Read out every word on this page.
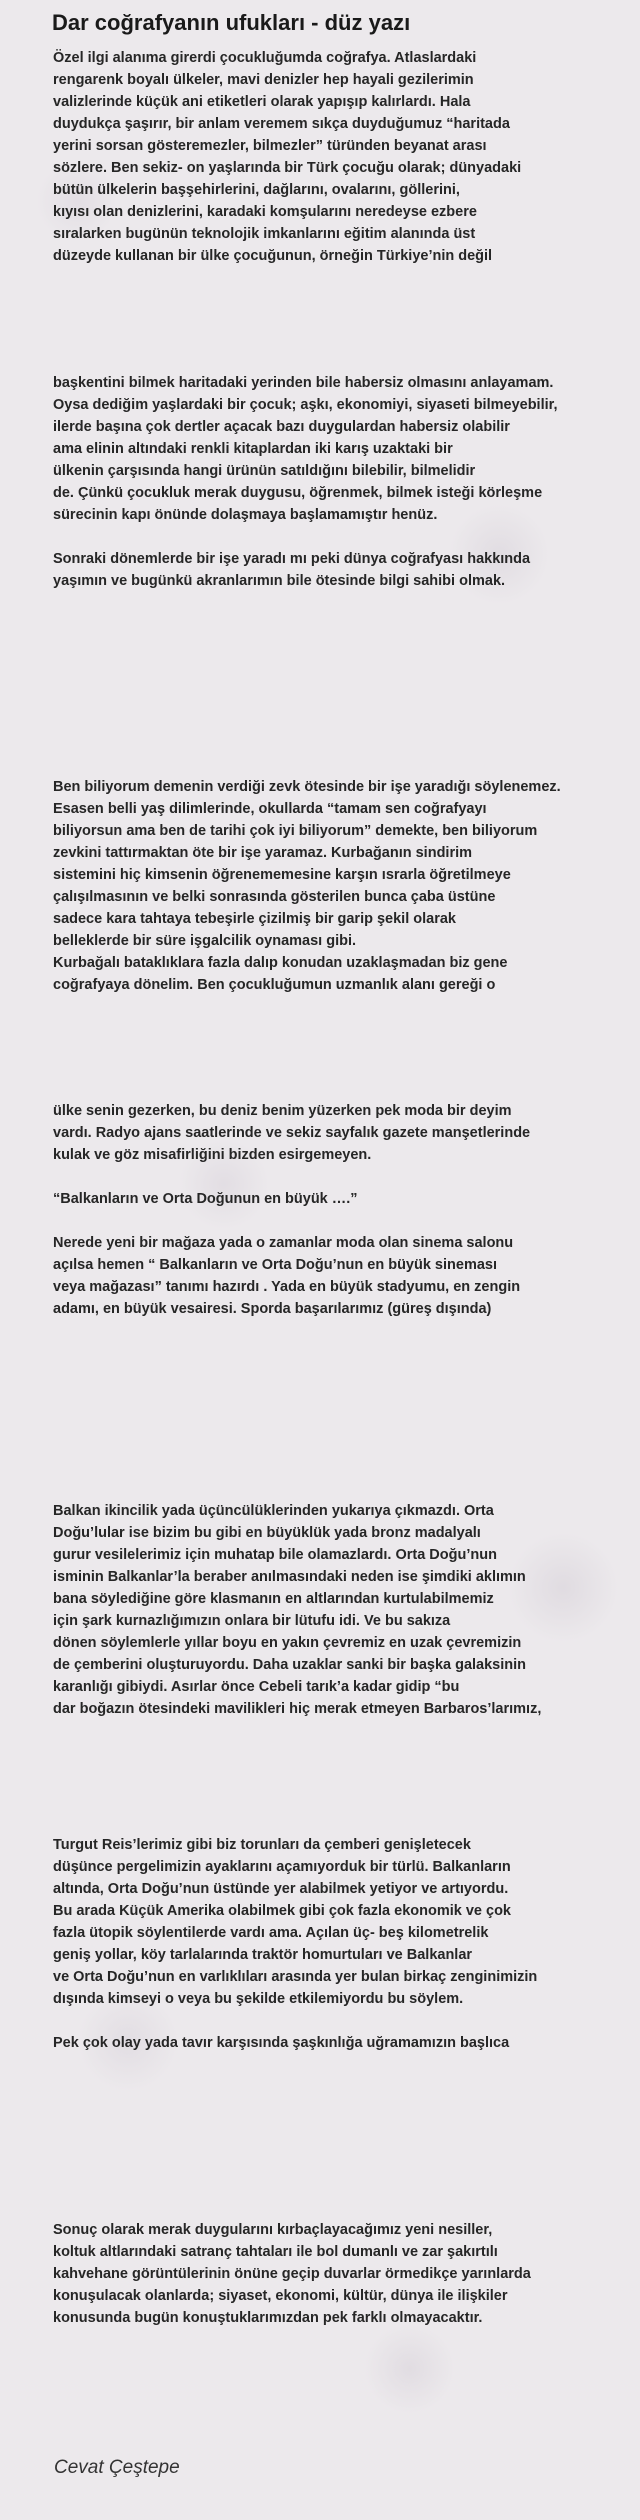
Dar coğrafyanın ufukları - düz yazı
Özel ilgi alanıma girerdi çocukluğumda coğrafya. Atlaslardaki
rengarenk boyalı ülkeler, mavi denizler hep hayali gezilerimin
valizlerinde küçük ani etiketleri olarak yapışıp kalırlardı. Hala
duydukça şaşırır, bir anlam veremem sıkça duyduğumuz “haritada
yerini sorsan gösteremezler, bilmezler” türünden beyanat arası
sözlere. Ben sekiz- on yaşlarında bir Türk çocuğu olarak; dünyadaki
bütün ülkelerin başşehirlerini, dağlarını, ovalarını, göllerini,
kıyısı olan denizlerini, karadaki komşularını neredeyse ezbere
sıralarken bugünün teknolojik imkanlarını eğitim alanında üst
düzeyde kullanan bir ülke çocuğunun, örneğin Türkiye’nin değil
başkentini bilmek haritadaki yerinden bile habersiz olmasını anlayamam.
Oysa dediğim yaşlardaki bir çocuk; aşkı, ekonomiyi, siyaseti bilmeyebilir,
ilerde başına çok dertler açacak bazı duygulardan habersiz olabilir
ama elinin altındaki renkli kitaplardan iki karış uzaktaki bir
ülkenin çarşısında hangi ürünün satıldığını bilebilir, bilmelidir
de. Çünkü çocukluk merak duygusu, öğrenmek, bilmek isteği körleşme
sürecinin kapı önünde dolaşmaya başlamamıştır henüz.
Sonraki dönemlerde bir işe yaradı mı peki dünya coğrafyası hakkında
yaşımın ve bugünkü akranlarımın bile ötesinde bilgi sahibi olmak.
Ben biliyorum demenin verdiği zevk ötesinde bir işe yaradığı söylenemez.
Esasen belli yaş dilimlerinde, okullarda “tamam sen coğrafyayı
biliyorsun ama ben de tarihi çok iyi biliyorum” demekte, ben biliyorum
zevkini tattırmaktan öte bir işe yaramaz. Kurbağanın sindirim
sistemini hiç kimsenin öğrenememesine karşın ısrarla öğretilmeye
çalışılmasının ve belki sonrasında gösterilen bunca çaba üstüne
sadece kara tahtaya tebeşirle çizilmiş bir garip şekil olarak
belleklerde bir süre işgalcilik oynaması gibi.
Kurbağalı bataklıklara fazla dalıp konudan uzaklaşmadan biz gene
coğrafyaya dönelim. Ben çocukluğumun uzmanlık alanı gereği o
ülke senin gezerken, bu deniz benim yüzerken pek moda bir deyim
vardı. Radyo ajans saatlerinde ve sekiz sayfalık gazete manşetlerinde
kulak ve göz misafirliğini bizden esirgemeyen.
“Balkanların ve Orta Doğunun en büyük ….”
Nerede yeni bir mağaza yada o zamanlar moda olan sinema salonu
açılsa hemen “ Balkanların ve Orta Doğu’nun en büyük sineması
veya mağazası” tanımı hazırdı . Yada en büyük stadyumu, en zengin
adamı, en büyük vesairesi. Sporda başarılarımız (güreş dışında)
Balkan ikincilik yada üçüncülüklerinden yukarıya çıkmazdı. Orta
Doğu’lular ise bizim bu gibi en büyüklük yada bronz madalyalı
gurur vesilelerimiz için muhatap bile olamazlardı. Orta Doğu’nun
isminin Balkanlar’la beraber anılmasındaki neden ise şimdiki aklımın
bana söylediğine göre klasmanın en altlarından kurtulabilmemiz
için şark kurnazlığımızın onlara bir lütufu idi. Ve bu sakıza
dönen söylemlerle yıllar boyu en yakın çevremiz en uzak çevremizin
de çemberini oluşturuyordu. Daha uzaklar sanki bir başka galaksinin
karanlığı gibiydi. Asırlar önce Cebeli tarık’a kadar gidip “bu
dar boğazın ötesindeki mavilikleri hiç merak etmeyen Barbaros’larımız,
Turgut Reis’lerimiz gibi biz torunları da çemberi genişletecek
düşünce pergelimizin ayaklarını açamıyorduk bir türlü. Balkanların
altında, Orta Doğu’nun üstünde yer alabilmek yetiyor ve artıyordu.
Bu arada Küçük Amerika olabilmek gibi çok fazla ekonomik ve çok
fazla ütopik söylentilerde vardı ama. Açılan üç- beş kilometrelik
geniş yollar, köy tarlalarında traktör homurtuları ve Balkanlar
ve Orta Doğu’nun en varlıklıları arasında yer bulan birkaç zenginimizin
dışında kimseyi o veya bu şekilde etkilemiyordu bu söylem.
Pek çok olay yada tavır karşısında şaşkınlığa uğramamızın başlıca
Sonuç olarak merak duygularını kırbaçlayacağımız yeni nesiller,
koltuk altlarındaki satranç tahtaları ile bol dumanlı ve zar şakırtılı
kahvehane görüntülerinin önüne geçip duvarlar örmedikçe yarınlarda
konuşulacak olanlarda; siyaset, ekonomi, kültür, dünya ile ilişkiler
konusunda bugün konuştuklarımızdan pek farklı olmayacaktır.
Cevat Çeştepe
